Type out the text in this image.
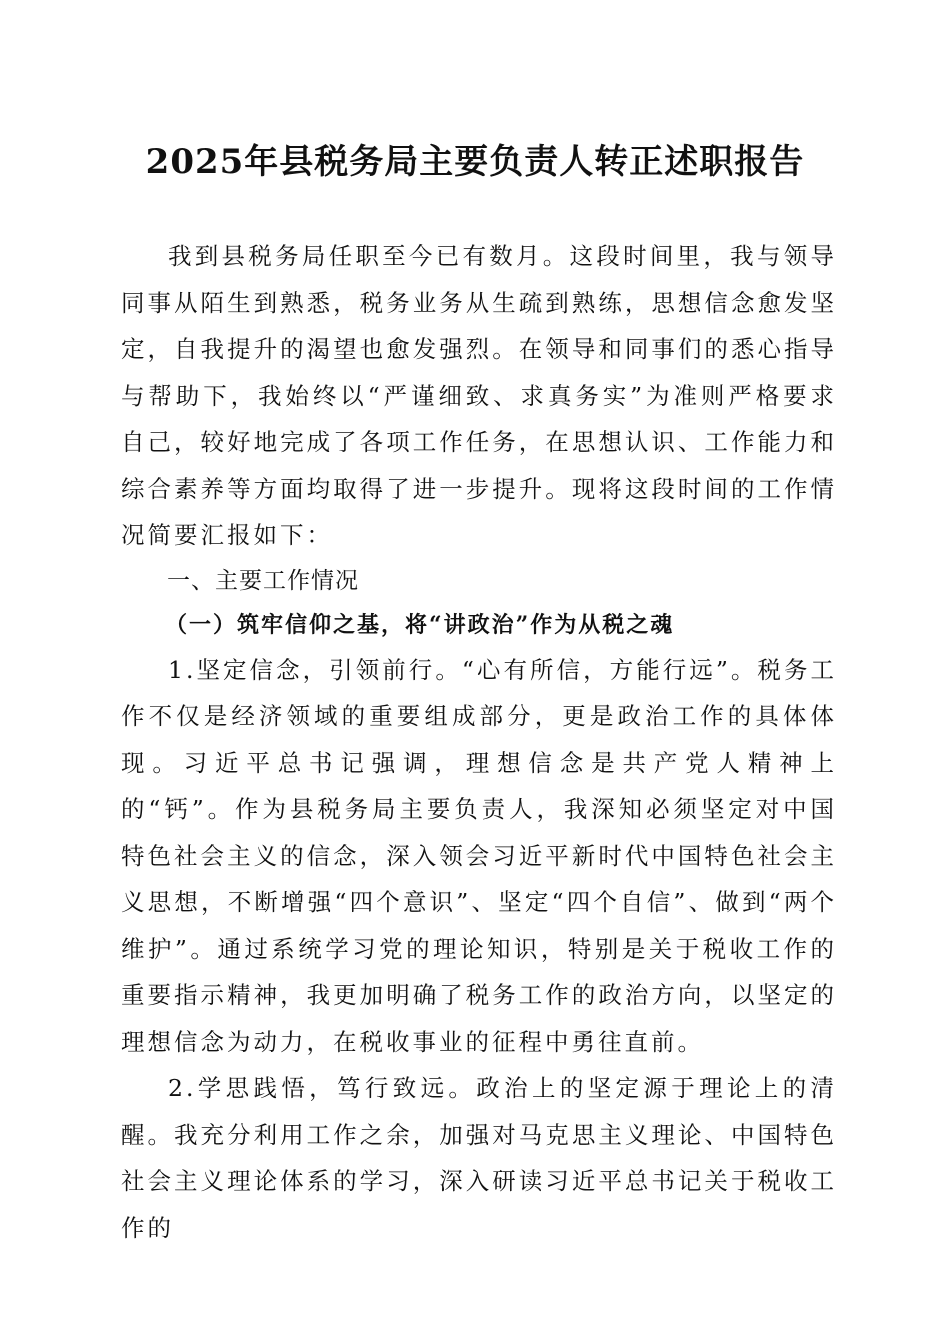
2025年县税务局主要负责人转正述职报告

我到县税务局任职至今已有数月。这段时间里，我与领导同事从陌生到熟悉，税务业务从生疏到熟练，思想信念愈发坚定，自我提升的渴望也愈发强烈。在领导和同事们的悉心指导与帮助下，我始终以“严谨细致、求真务实”为准则严格要求自己，较好地完成了各项工作任务，在思想认识、工作能力和综合素养等方面均取得了进一步提升。现将这段时间的工作情况简要汇报如下：

一、主要工作情况

（一）筑牢信仰之基，将“讲政治”作为从税之魂

1.坚定信念，引领前行。“心有所信，方能行远”。税务工作不仅是经济领域的重要组成部分，更是政治工作的具体体现。习近平总书记强调，理想信念是共产党人精神上的“钙”。作为县税务局主要负责人，我深知必须坚定对中国特色社会主义的信念，深入领会习近平新时代中国特色社会主义思想，不断增强“四个意识”、坚定“四个自信”、做到“两个维护”。通过系统学习党的理论知识，特别是关于税收工作的重要指示精神，我更加明确了税务工作的政治方向，以坚定的理想信念为动力，在税收事业的征程中勇往直前。

2.学思践悟，笃行致远。政治上的坚定源于理论上的清醒。我充分利用工作之余，加强对马克思主义理论、中国特色社会主义理论体系的学习，深入研读习近平总书记关于税收工作的
